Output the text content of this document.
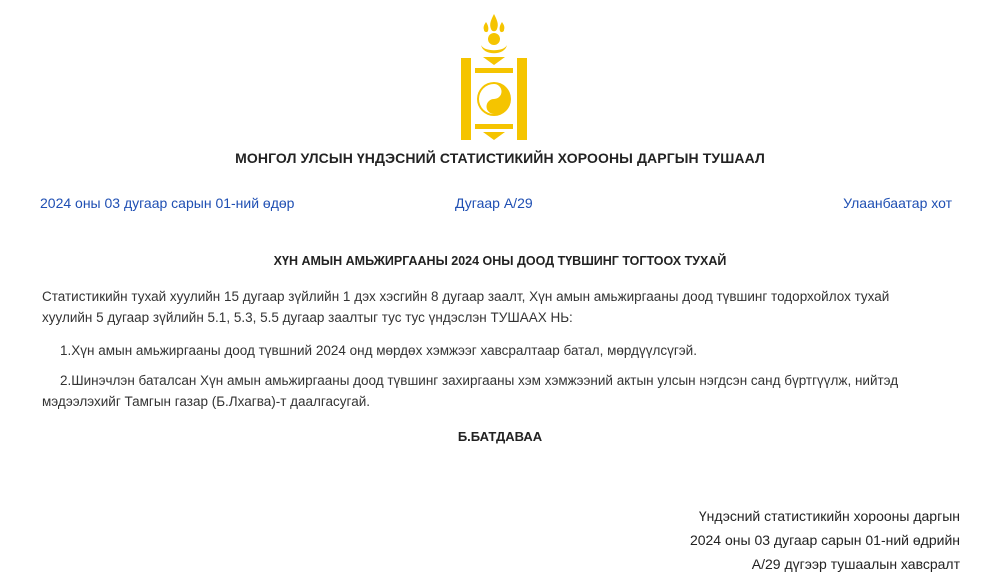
МОНГОЛ УЛСЫН ҮНДЭСНИЙ СТАТИСТИКИЙН ХОРООНЫ ДАРГЫН ТУШААЛ
2024 оны 03 дугаар сарын 01-ний өдөр	Дугаар А/29	Улаанбаатар хот
ХҮН АМЫН АМЬЖИРГААНЫ 2024 ОНЫ ДООД ТҮВШИНГ ТОГТООХ ТУХАЙ
Статистикийн тухай хуулийн 15 дугаар зүйлийн 1 дэх хэсгийн 8 дугаар заалт, Хүн амын амьжиргааны доод түвшинг тодорхойлох тухай
хуулийн 5 дугаар зүйлийн 5.1, 5.3, 5.5 дугаар заалтыг тус тус үндэслэн ТУШААХ НЬ:
1.Хүн амын амьжиргааны доод түвшний 2024 онд мөрдөх хэмжээг хавсралтаар батал, мөрдүүлсүгэй.
2.Шинэчлэн баталсан Хүн амын амьжиргааны доод түвшинг захиргааны хэм хэмжээний актын улсын нэгдсэн санд бүртгүүлж, нийтэд
мэдээлэхийг Тамгын газар (Б.Лхагва)-т даалгасугай.
Б.БАТДАВАА
Үндэсний статистикийн хорооны даргын
2024 оны 03 дугаар сарын 01-ний өдрийн
А/29 дүгээр тушаалын хавсралт
